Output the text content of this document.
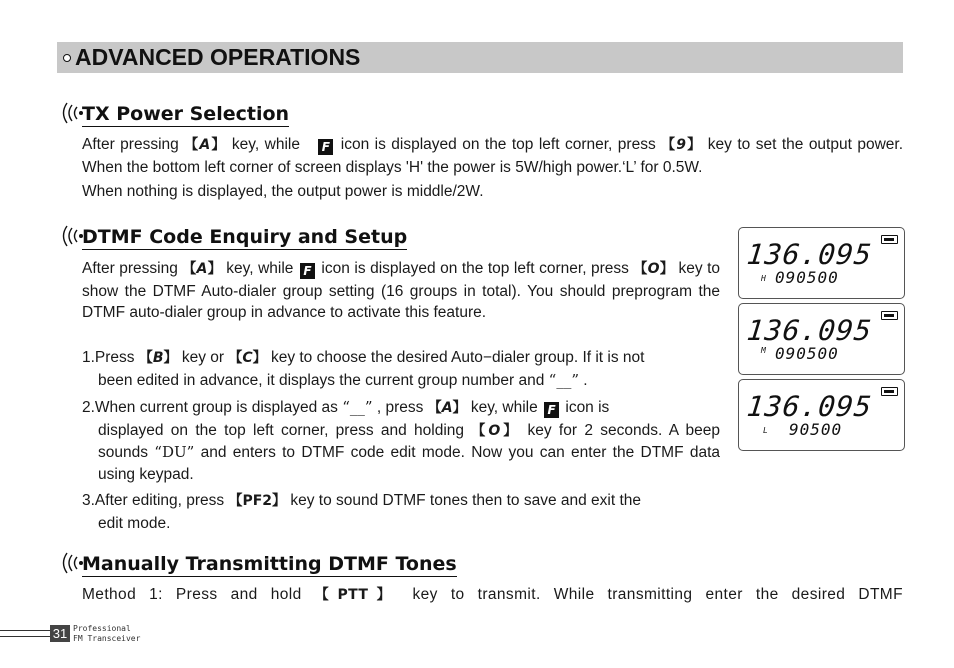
ADVANCED OPERATIONS
TX Power Selection
After pressing 【A】 key, while   F icon is displayed on the top left corner, press 【9】 key to set the output power. When the bottom left corner of screen displays 'H' the power is 5W/high power.‘L’ for 0.5W.
When nothing is displayed, the output power is middle/2W.
DTMF Code Enquiry and Setup
After pressing 【A】 key, while F icon is displayed on the top left corner, press 【O】 key to show the DTMF Auto-dialer group setting (16 groups in total). You should preprogram the DTMF auto-dialer group in advance to activate this feature.
1.Press 【B】 key or 【C】 key to choose the desired Auto−dialer group. If it is not
been edited in advance, it displays the current group number and “__” .
2.When current group is displayed as “__” , press 【A】 key, while F icon is
displayed on the top left corner, press and holding 【O】 key for 2 seconds. A beep sounds “DU” and enters to DTMF code edit mode. Now you can enter the DTMF data using keypad.
3.After editing, press 【PF2】 key to sound DTMF tones then to save and exit the
edit mode.
136.095
H 090500
136.095
M 090500
136.095
L 90500
Manually Transmitting DTMF Tones
Method 1: Press and hold 【PTT】 key to transmit. While transmitting enter the desired DTMF
31 Professional
FM Transceiver
